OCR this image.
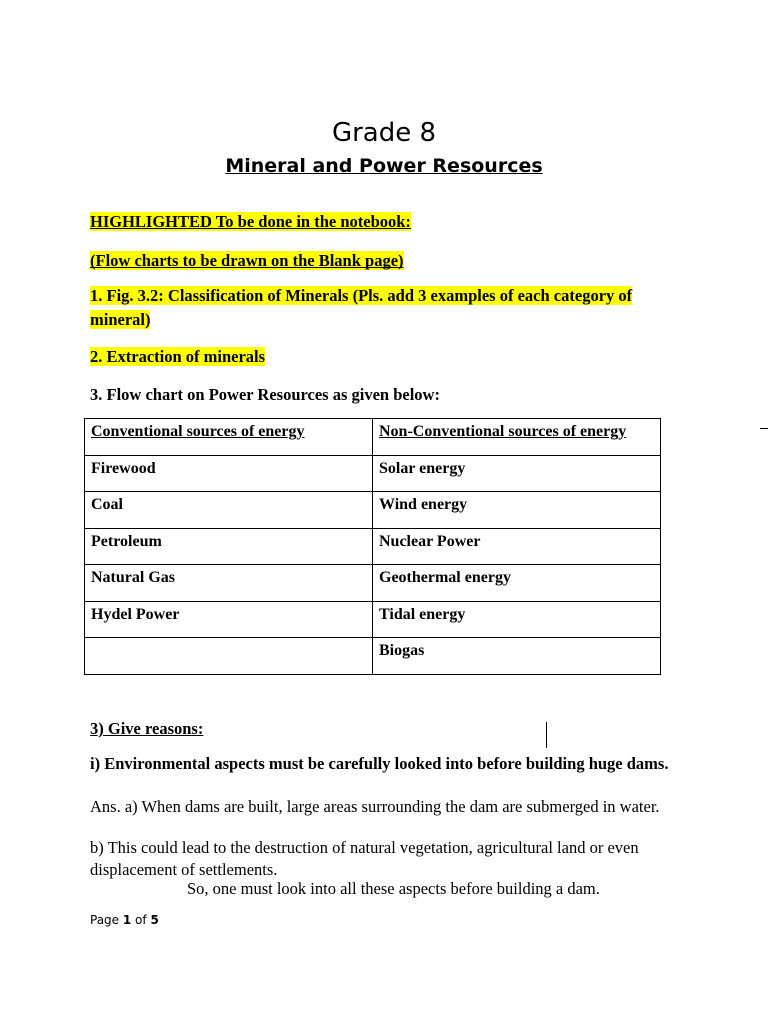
Grade 8
Mineral and Power Resources
HIGHLIGHTED To be done in the notebook:
(Flow charts to be drawn on the Blank page)
1. Fig. 3.2: Classification of Minerals (Pls. add 3 examples of each category of mineral)
2. Extraction of minerals
3. Flow chart on Power Resources as given below:
Conventional sources of energy	Non-Conventional sources of energy
Firewood	Solar energy
Coal	Wind energy
Petroleum	Nuclear Power
Natural Gas	Geothermal energy
Hydel Power	Tidal energy
	Biogas
3) Give reasons:
i) Environmental aspects must be carefully looked into before building huge dams.
Ans. a) When dams are built, large areas surrounding the dam are submerged in water.
b) This could lead to the destruction of natural vegetation, agricultural land or even displacement of settlements.
So, one must look into all these aspects before building a dam.
Page 1 of 5
